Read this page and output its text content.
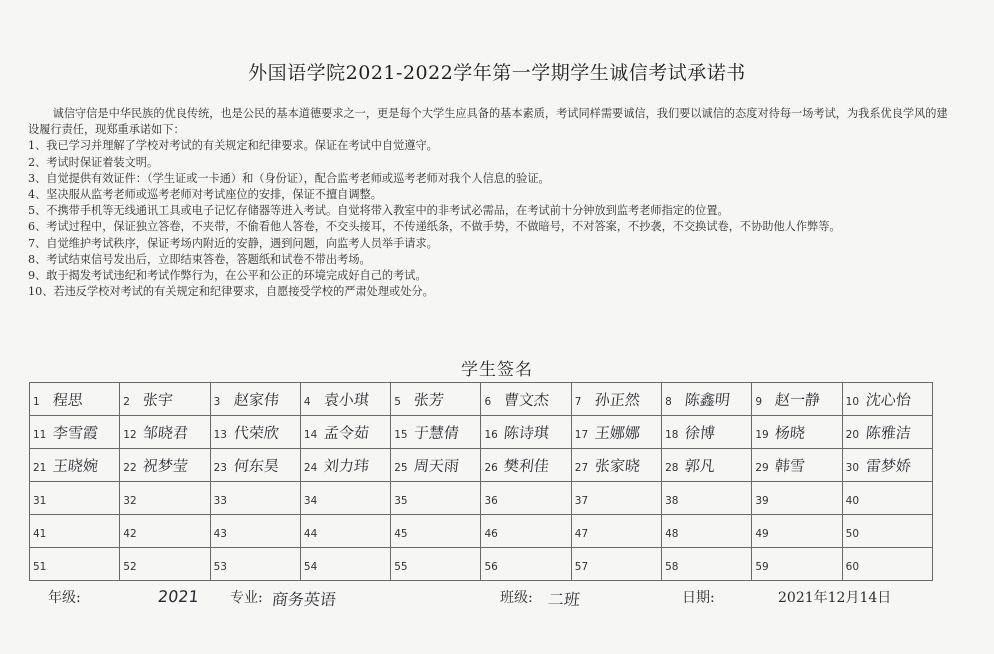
外国语学院2021-2022学年第一学期学生诚信考试承诺书

诚信守信是中华民族的优良传统，也是公民的基本道德要求之一，更是每个大学生应具备的基本素质，考试同样需要诚信，我们要以诚信的态度对待每一场考试，为我系优良学风的建设履行责任，现郑重承诺如下：

1、我已学习并理解了学校对考试的有关规定和纪律要求。保证在考试中自觉遵守。

2、考试时保证着装文明。

3、自觉提供有效证件：（学生证或一卡通）和（身份证），配合监考老师或巡考老师对我个人信息的验证。

4、坚决服从监考老师或巡考老师对考试座位的安排，保证不擅自调整。

5、不携带手机等无线通讯工具或电子记忆存储器等进入考试。自觉将带入教室中的非考试必需品，在考试前十分钟放到监考老师指定的位置。

6、考试过程中，保证独立答卷，不夹带，不偷看他人答卷，不交头接耳，不传递纸条，不做手势，不做暗号，不对答案，不抄袭，不交换试卷，不协助他人作弊等。

7、自觉维护考试秩序，保证考场内附近的安静，遇到问题，向监考人员举手请求。

8、考试结束信号发出后，立即结束答卷，答题纸和试卷不带出考场。

9、敢于揭发考试违纪和考试作弊行为，在公平和公正的环境完成好自己的考试。

10、若违反学校对考试的有关规定和纪律要求，自愿接受学校的严肃处理或处分。

学生签名
1 程思	2 张宇	3 赵家伟	4 袁小琪	5 张芳	6 曹文杰	7 孙正然	8 陈鑫明	9 赵一静	10 沈心怡
11 李雪霞	12 邹晓君	13 代荣欣	14 孟令茹	15 于慧倩	16 陈诗琪	17 王娜娜	18 徐博	19 杨晓	20 陈雅洁
21 王晓婉	22 祝梦莹	23 何东昊	24 刘力玮	25 周天雨	26 樊利佳	27 张家晓	28 郭凡	29 韩雪	30 雷梦娇
31	32	33	34	35	36	37	38	39	40
41	42	43	44	45	46	47	48	49	50
51	52	53	54	55	56	57	58	59	60
年级:	2021 专业: 商务英语	班级: 二班	日期:	2021年12月14日
